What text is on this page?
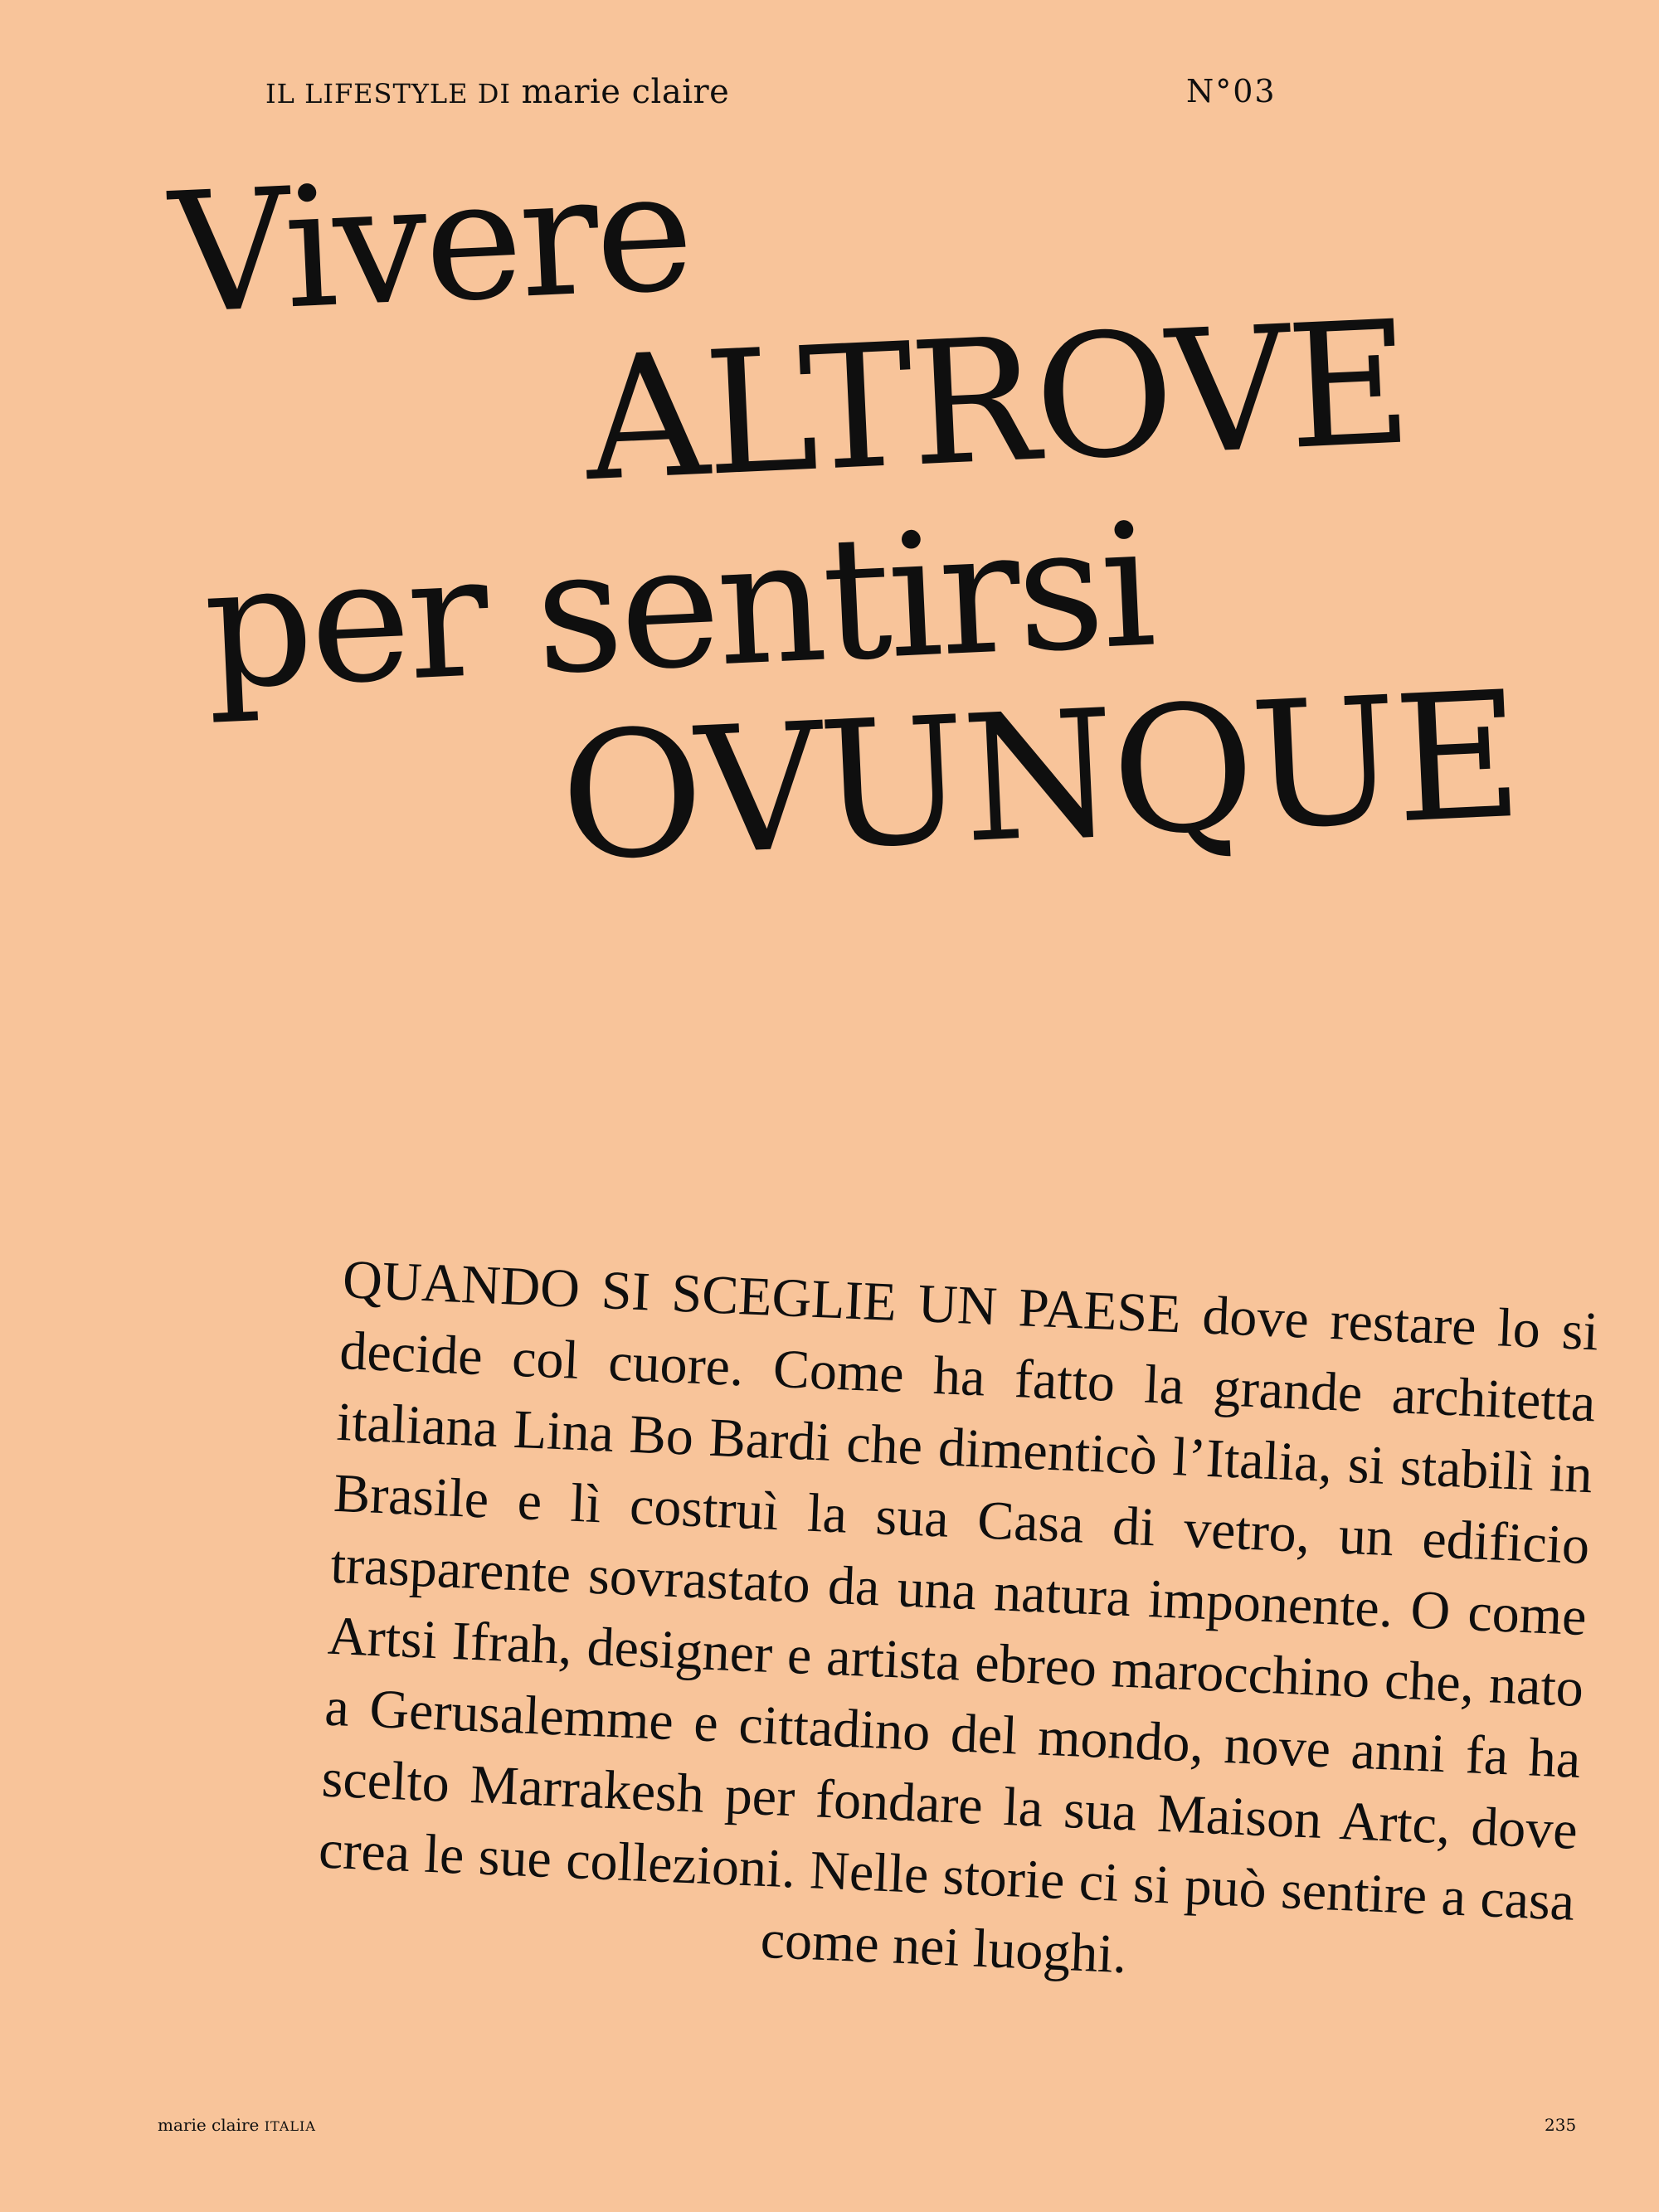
IL LIFESTYLE DI marie claire	N°03
Vivere
ALTROVE
per sentirsi
OVUNQUE

QUANDO SI SCEGLIE UN PAESE dove restare lo si decide col cuore. Come ha fatto la grande architetta italiana Lina Bo Bardi che dimenticò l’Italia, si stabilì in Brasile e lì costruì la sua Casa di vetro, un edificio trasparente sovrastato da una natura imponente. O come Artsi Ifrah, designer e artista ebreo marocchino che, nato a Gerusalemme e cittadino del mondo, nove anni fa ha scelto Marrakesh per fondare la sua Maison Artc, dove crea le sue collezioni. Nelle storie ci si può sentire a casa come nei luoghi.

marie claire ITALIA	235
